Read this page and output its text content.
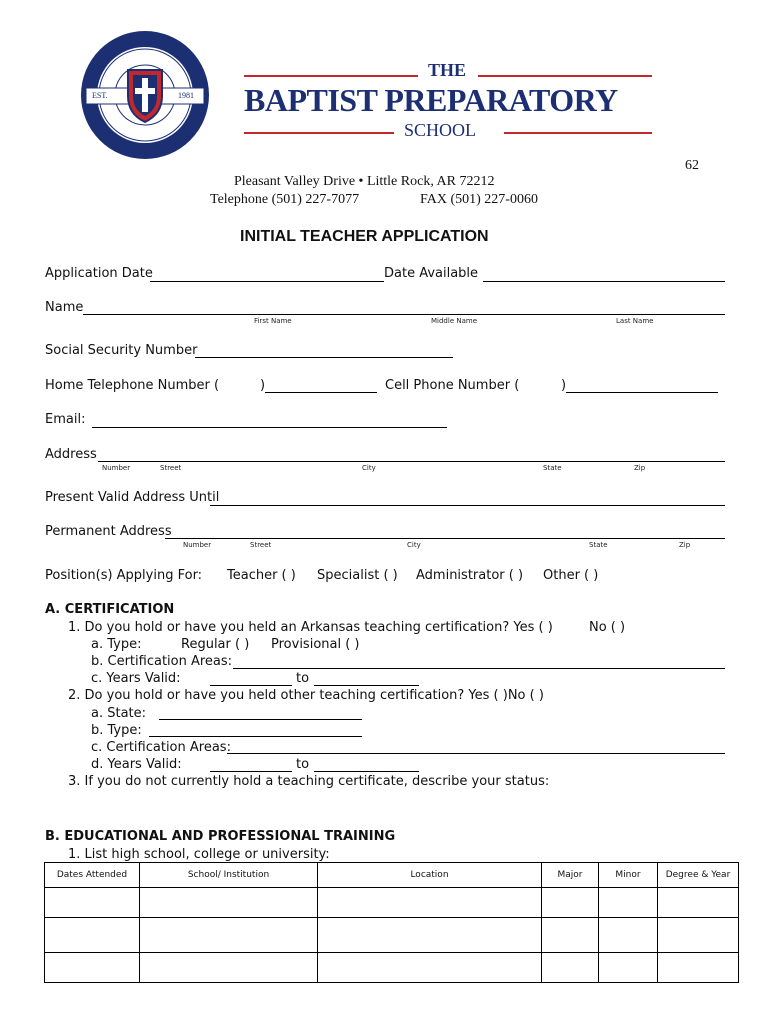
EST.	1981
THE
BAPTIST PREPARATORY
SCHOOL
62
Pleasant Valley Drive • Little Rock, AR 72212
Telephone (501) 227-7077	FAX (501) 227-0060
INITIAL TEACHER APPLICATION
Application Date	Date Available
Name
First Name	Middle Name	Last Name
Social Security Number
Home Telephone Number (	)	Cell Phone Number (	)
Email:
Address
Number	Street	City	State	Zip
Present Valid Address Until
Permanent Address
Number	Street	City	State	Zip
Position(s) Applying For: Teacher ( ) Specialist ( ) Administrator ( ) Other ( )
A. CERTIFICATION
1. Do you hold or have you held an Arkansas teaching certification? Yes ( )	No ( )
a. Type:	Regular ( ) Provisional ( )
b. Certification Areas:
c. Years Valid:	to
2. Do you hold or have you held other teaching certification? Yes ( )No ( )
a. State:
b. Type:
c. Certification Areas:
d. Years Valid:	to
3. If you do not currently hold a teaching certificate, describe your status:
B. EDUCATIONAL AND PROFESSIONAL TRAINING
1. List high school, college or university:
Dates Attended	School/ Institution	Location	Major	Minor	Degree & Year
